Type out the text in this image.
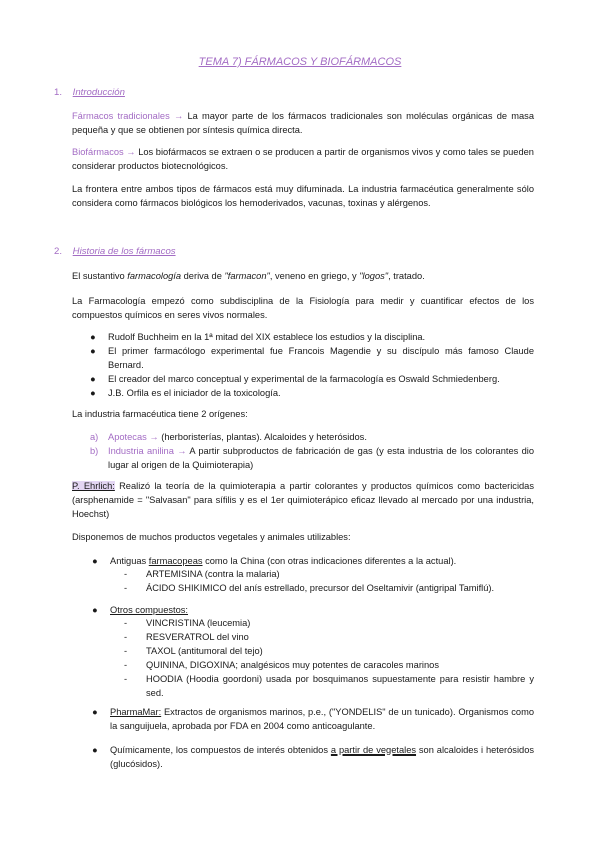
TEMA 7) FÁRMACOS Y BIOFÁRMACOS
1. Introducción

Fármacos tradicionales → La mayor parte de los fármacos tradicionales son moléculas orgánicas de masa pequeña y que se obtienen por síntesis química directa.

Biofármacos → Los biofármacos se extraen o se producen a partir de organismos vivos y como tales se pueden considerar productos biotecnológicos.

La frontera entre ambos tipos de fármacos está muy difuminada. La industria farmacéutica generalmente sólo considera como fármacos biológicos los hemoderivados, vacunas, toxinas y alérgenos.

2. Historia de los fármacos

El sustantivo farmacología deriva de "farmacon", veneno en griego, y "logos", tratado.

La Farmacología empezó como subdisciplina de la Fisiología para medir y cuantificar efectos de los compuestos químicos en seres vivos normales.

●	Rudolf Buchheim en la 1ª mitad del XIX establece los estudios y la disciplina.
●	El primer farmacólogo experimental fue Francois Magendie y su discípulo más famoso Claude Bernard.
●	El creador del marco conceptual y experimental de la farmacología es Oswald Schmiedenberg.
●	J.B. Orfila es el iniciador de la toxicología.

La industria farmacéutica tiene 2 orígenes:

a)	Apotecas → (herboristerías, plantas). Alcaloides y heterósidos.
b)	Industria anilina → A partir subproductos de fabricación de gas (y esta industria de los colorantes dio lugar al origen de la Quimioterapia)

P. Ehrlich: Realizó la teoría de la quimioterapia a partir colorantes y productos químicos como bactericidas (arsphenamide = "Salvasan" para sífilis y es el 1er quimioterápico eficaz llevado al mercado por una industria, Hoechst)

Disponemos de muchos productos vegetales y animales utilizables:

● Antiguas farmacopeas como la China (con otras indicaciones diferentes a la actual).
- ARTEMISINA (contra la malaria)
- ÁCIDO SHIKIMICO del anís estrellado, precursor del Oseltamivir (antigripal Tamiflú).
● Otros compuestos:
- VINCRISTINA (leucemia)
- RESVERATROL del vino
- TAXOL (antitumoral del tejo)
- QUININA, DIGOXINA; analgésicos muy potentes de caracoles marinos
- HOODIA (Hoodia goordoni) usada por bosquimanos supuestamente para resistir hambre y sed.
● PharmaMar: Extractos de organismos marinos, p.e., ("YONDELIS" de un tunicado). Organismos como la sanguijuela, aprobada por FDA en 2004 como anticoagulante.
● Químicamente, los compuestos de interés obtenidos a partir de vegetales son alcaloides i heterósidos (glucósidos).
